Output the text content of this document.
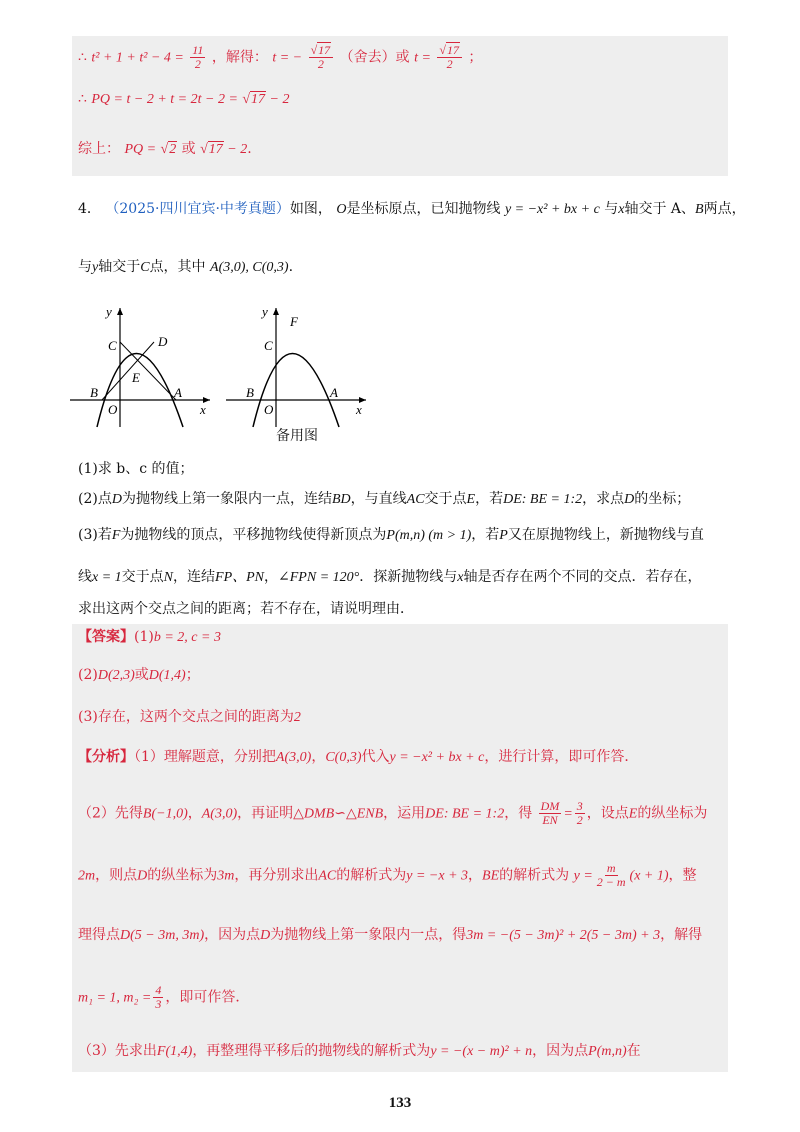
∴ $t^2 + 1 + t^2 - 4 = \frac{11}{2}$ ，解得： t = − $\frac{√17}{2}$ （舍去）或 $t = \frac{√17}{2}$ ；
∴ PQ = t − 2 + t = 2t − 2 = √17 − 2
综上： PQ = √2 或 √17 − 2.
4． （2025·四川宜宾·中考真题）如图， O是坐标原点，已知抛物线 y = −x² + bx + c 与x轴交于 A、B两点，
与y轴交于C点，其中 A(3,0), C(0,3).
y
C	D
E
B
O
A
x
y
F
C
B
O
A
x
备用图
(1)求 b、c 的值；
(2)点D为抛物线上第一象限内一点，连结BD，与直线AC交于点E，若DE: BE = 1:2，求点D的坐标；
(3)若F为抛物线的顶点，平移抛物线使得新顶点为P(m,n) (m > 1)，若P又在原抛物线上，新抛物线与直
线x = 1交于点N，连结FP、PN，∠FPN = 120°．探新抛物线与x轴是否存在两个不同的交点．若存在，
求出这两个交点之间的距离；若不存在，请说明理由．
【答案】(1)b = 2, c = 3
(2)D(2,3)或D(1,4)；
(3)存在，这两个交点之间的距离为2
【分析】（1）理解题意，分别把A(3,0)，C(0,3)代入y = −x² + bx + c，进行计算，即可作答．
（2）先得B(−1,0)，A(3,0)，再证明△DMB∽△ENB，运用DE: BE = 1:2，得 $\frac{DM}{EN} = \frac{3}{2}$ ，设点E的纵坐标为
2m，则点D的纵坐标为3m，再分别求出AC的解析式为y = −x + 3，BE的解析式为 $y = \frac{m}{2 - m} (x + 1)$，整
理得点D(5 − 3m, 3m)，因为点D为抛物线上第一象限内一点，得3m = −(5 − 3m)² + 2(5 − 3m) + 3，解得
m₁ = 1, $m_2 = \frac{4}{3}$ ，即可作答．
（3）先求出F(1,4)，再整理得平移后的抛物线的解析式为y = −(x − m)² + n，因为点P(m,n)在
133
